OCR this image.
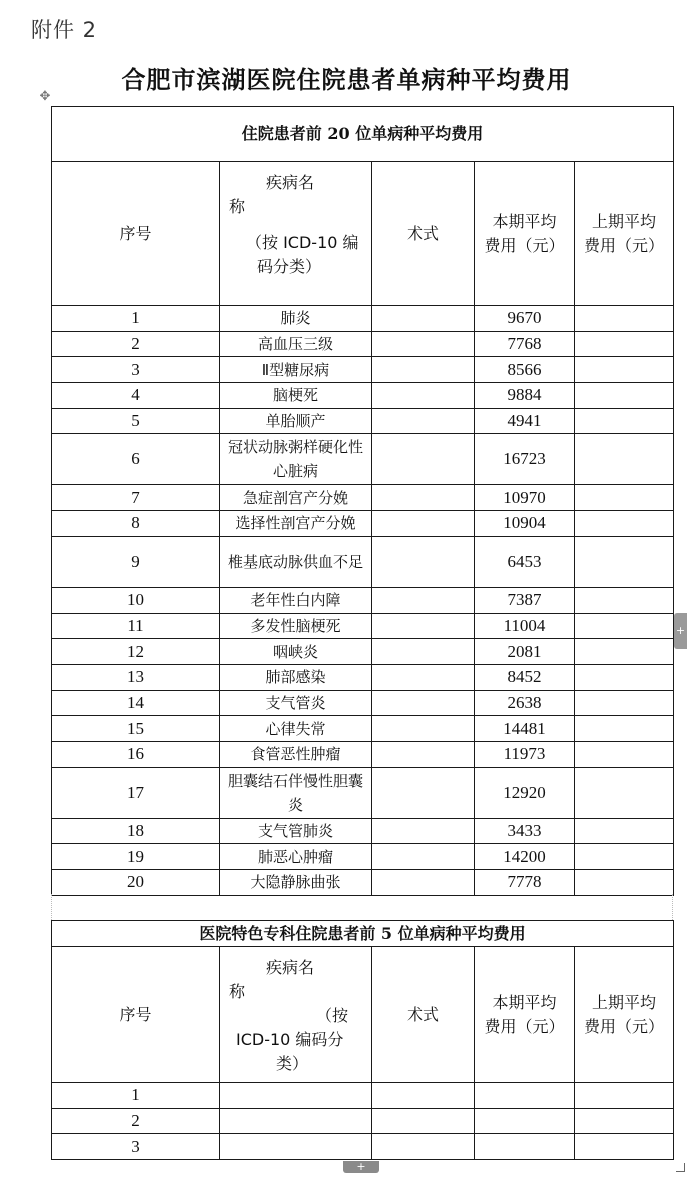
附件 2
合肥市滨湖医院住院患者单病种平均费用
✥
住院患者前 20 位单病种平均费用				
序号	疾病名
称
（按 ICD-10 编
码分类）	术式	本期平均
费用（元）	上期平均
费用（元）
1	肺炎		9670	
2	高血压三级		7768	
3	Ⅱ型糖尿病		8566	
4	脑梗死		9884	
5	单胎顺产		4941	
6	冠状动脉粥样硬化性心脏病		16723	
7	急症剖宫产分娩		10970	
8	选择性剖宫产分娩		10904	
9	椎基底动脉供血不足		6453	
10	老年性白内障		7387	
11	多发性脑梗死		11004	
12	咽峡炎		2081	
13	肺部感染		8452	
14	支气管炎		2638	
15	心律失常		14481	
16	食管恶性肿瘤		11973	
17	胆囊结石伴慢性胆囊炎		12920	
18	支气管肺炎		3433	
19	肺恶心肿瘤		14200	
20	大隐静脉曲张		7778	
医院特色专科住院患者前 5 位单病种平均费用				
序号	疾病名
称
（按
ICD-10 编码分
类）	术式	本期平均
费用（元）	上期平均
费用（元）
1				
2				
3				
+
+
